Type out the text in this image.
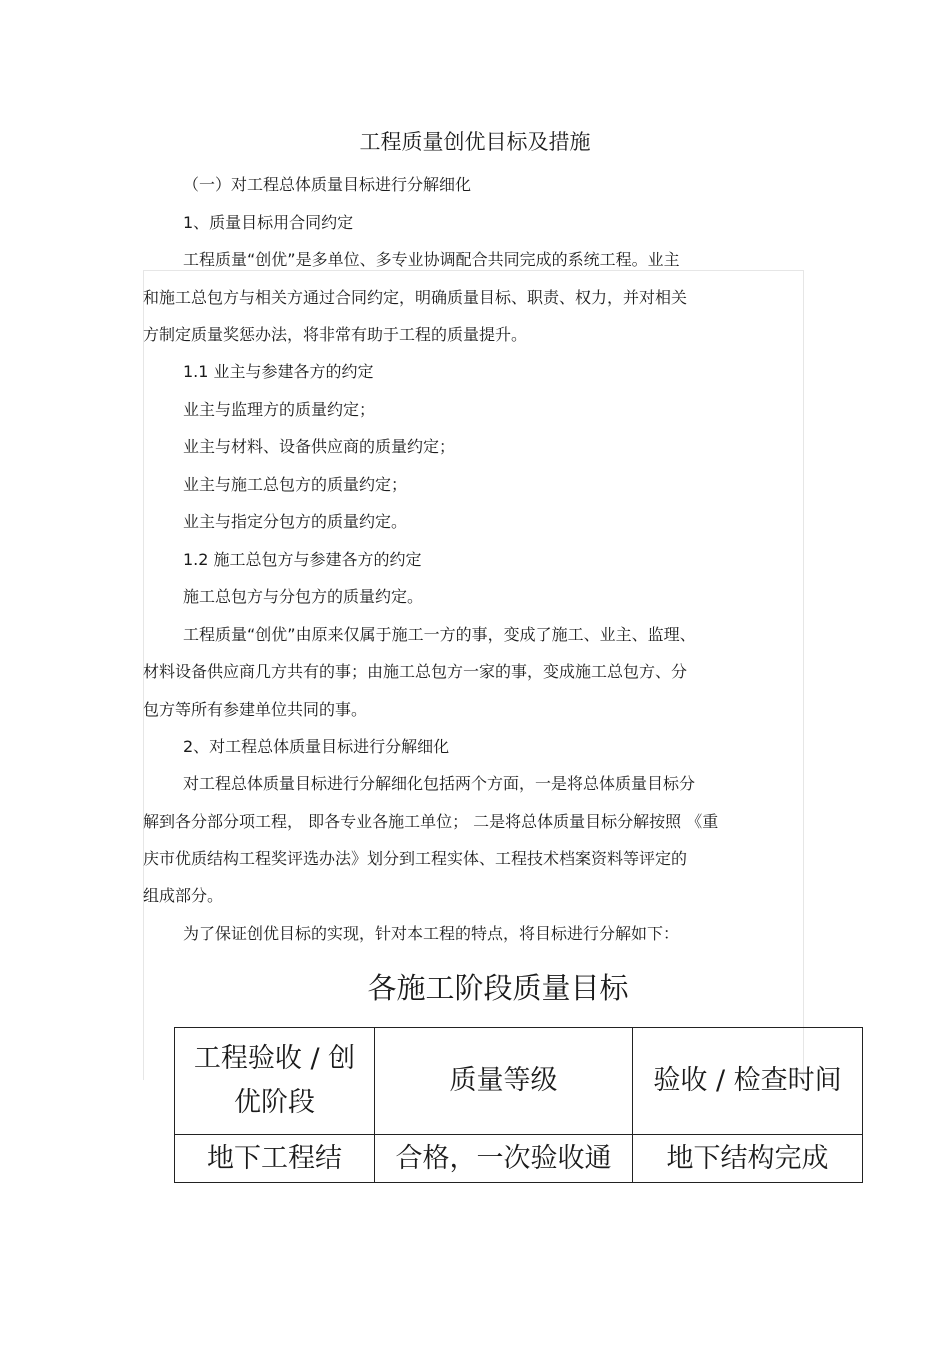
工程质量创优目标及措施
（一）对工程总体质量目标进行分解细化
1、质量目标用合同约定
工程质量“创优”是多单位、多专业协调配合共同完成的系统工程。业主
和施工总包方与相关方通过合同约定，明确质量目标、职责、权力，并对相关
方制定质量奖惩办法，将非常有助于工程的质量提升。
1.1 业主与参建各方的约定
业主与监理方的质量约定；
业主与材料、设备供应商的质量约定；
业主与施工总包方的质量约定；
业主与指定分包方的质量约定。
1.2 施工总包方与参建各方的约定
施工总包方与分包方的质量约定。
工程质量“创优”由原来仅属于施工一方的事，变成了施工、业主、监理、
材料设备供应商几方共有的事；由施工总包方一家的事，变成施工总包方、分
包方等所有参建单位共同的事。
2、对工程总体质量目标进行分解细化
对工程总体质量目标进行分解细化包括两个方面，一是将总体质量目标分
解到各分部分项工程， 即各专业各施工单位； 二是将总体质量目标分解按照 《重
庆市优质结构工程奖评选办法》划分到工程实体、工程技术档案资料等评定的
组成部分。
为了保证创优目标的实现，针对本工程的特点，将目标进行分解如下：
各施工阶段质量目标
工程验收 / 创优阶段	质量等级	验收 / 检查时间
地下工程结	合格，一次验收通	地下结构完成
